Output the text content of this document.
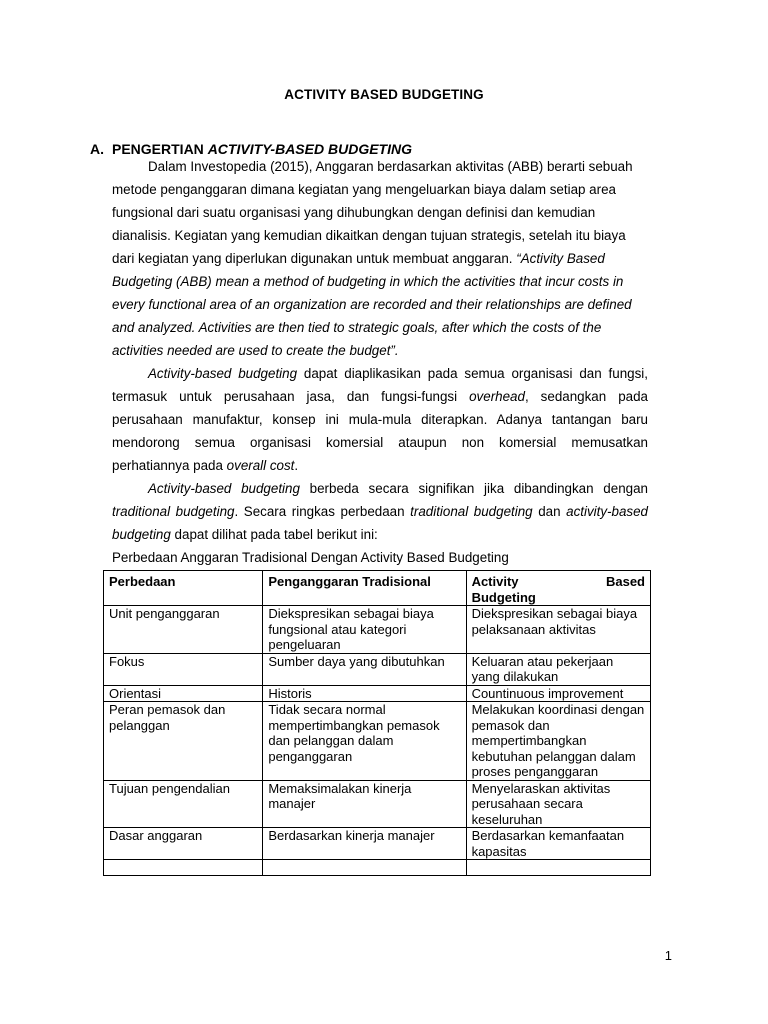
ACTIVITY BASED BUDGETING
A. PENGERTIAN ACTIVITY-BASED BUDGETING

Dalam Investopedia (2015), Anggaran berdasarkan aktivitas (ABB) berarti sebuah

metode penganggaran dimana kegiatan yang mengeluarkan biaya dalam setiap area

fungsional dari suatu organisasi yang dihubungkan dengan definisi dan kemudian

dianalisis. Kegiatan yang kemudian dikaitkan dengan tujuan strategis, setelah itu biaya

dari kegiatan yang diperlukan digunakan untuk membuat anggaran. “Activity Based

Budgeting (ABB) mean a method of budgeting in which the activities that incur costs in

every functional area of an organization are recorded and their relationships are defined

and analyzed. Activities are then tied to strategic goals, after which the costs of the

activities needed are used to create the budget”.

Activity-based budgeting dapat diaplikasikan pada semua organisasi dan fungsi, termasuk untuk perusahaan jasa, dan fungsi-fungsi overhead, sedangkan pada perusahaan manufaktur, konsep ini mula-mula diterapkan. Adanya tantangan baru mendorong semua organisasi komersial ataupun non komersial memusatkan perhatiannya pada overall cost.

Activity-based budgeting berbeda secara signifikan jika dibandingkan dengan traditional budgeting. Secara ringkas perbedaan traditional budgeting dan activity-based budgeting dapat dilihat pada tabel berikut ini:

Perbedaan Anggaran Tradisional Dengan Activity Based Budgeting

Perbedaan	Penganggaran Tradisional	Activity Based
Budgeting

Unit penganggaran	Diekspresikan sebagai biaya fungsional atau kategori pengeluaran	Diekspresikan sebagai biaya pelaksanaan aktivitas
Fokus	Sumber daya yang dibutuhkan	Keluaran atau pekerjaan yang dilakukan
Orientasi	Historis	Countinuous improvement
Peran pemasok dan pelanggan	Tidak secara normal mempertimbangkan pemasok dan pelanggan dalam penganggaran	Melakukan koordinasi dengan pemasok dan mempertimbangkan kebutuhan pelanggan dalam proses penganggaran
Tujuan pengendalian	Memaksimalakan kinerja manajer	Menyelaraskan aktivitas perusahaan secara keseluruhan
Dasar anggaran	Berdasarkan kinerja manajer	Berdasarkan kemanfaatan kapasitas

1
